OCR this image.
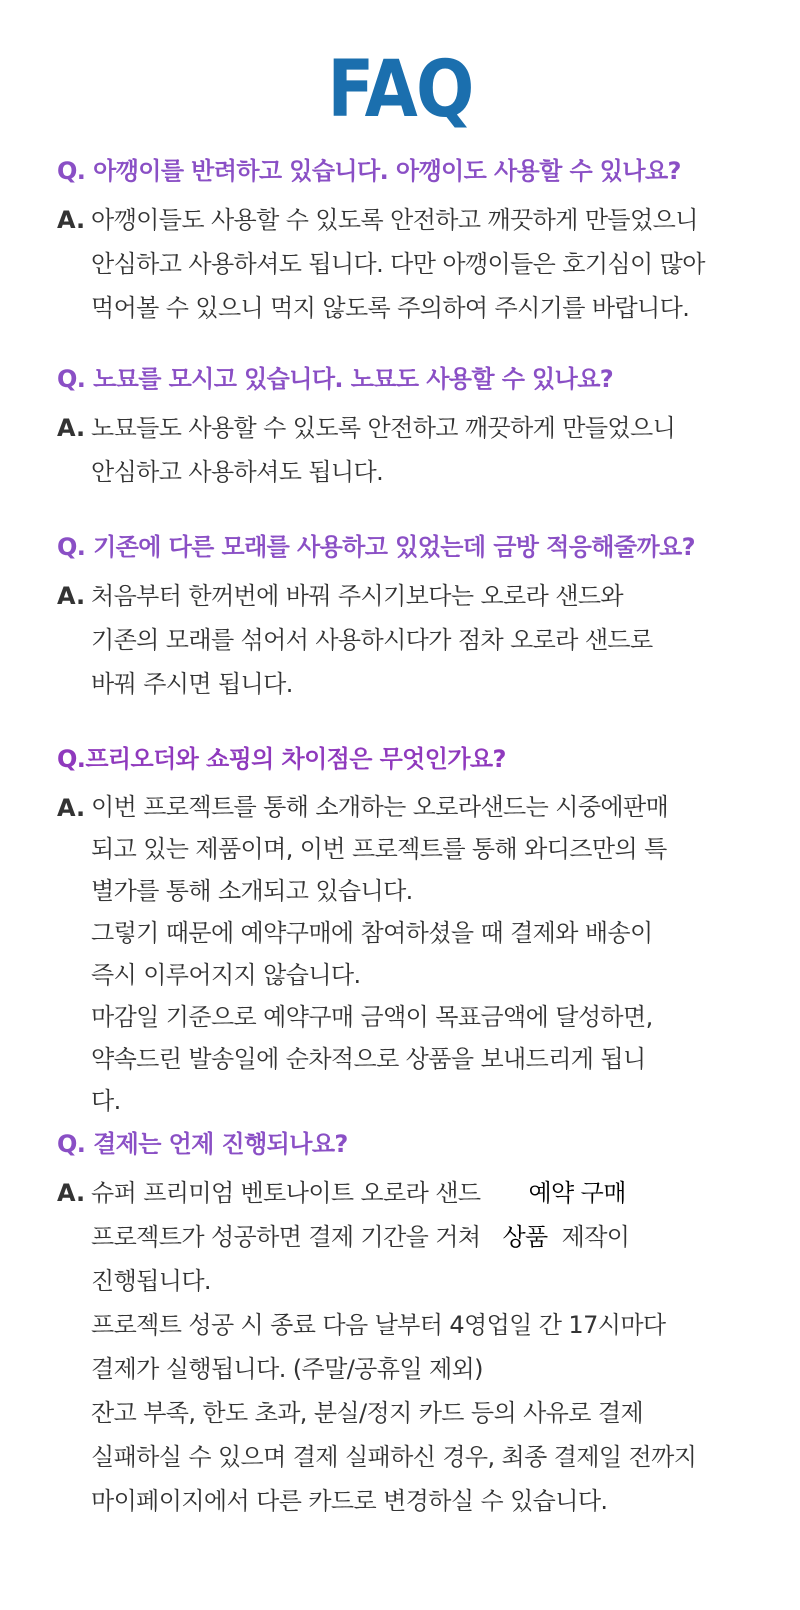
FAQ
Q. 아깽이를 반려하고 있습니다. 아깽이도 사용할 수 있나요?
A. 아깽이들도 사용할 수 있도록 안전하고 깨끗하게 만들었으니
안심하고 사용하셔도 됩니다. 다만 아깽이들은 호기심이 많아
먹어볼 수 있으니 먹지 않도록 주의하여 주시기를 바랍니다.
Q. 노묘를 모시고 있습니다. 노묘도 사용할 수 있나요?
A. 노묘들도 사용할 수 있도록 안전하고 깨끗하게 만들었으니
안심하고 사용하셔도 됩니다.
Q. 기존에 다른 모래를 사용하고 있었는데 금방 적응해줄까요?
A. 처음부터 한꺼번에 바꿔 주시기보다는 오로라 샌드와
기존의 모래를 섞어서 사용하시다가 점차 오로라 샌드로
바꿔 주시면 됩니다.
Q.프리오더와 쇼핑의 차이점은 무엇인가요?
A. 이번 프로젝트를 통해 소개하는 오로라샌드는 시중에판매
되고 있는 제품이며, 이번 프로젝트를 통해 와디즈만의 특
별가를 통해 소개되고 있습니다.
그렇기 때문에 예약구매에 참여하셨을 때 결제와 배송이
즉시 이루어지지 않습니다.
마감일 기준으로 예약구매 금액이 목표금액에 달성하면,
약속드린 발송일에 순차적으로 상품을 보내드리게 됩니
다.
Q. 결제는 언제 진행되나요?
A. 슈퍼 프리미엄 벤토나이트 오로라 샌드 예약 구매
프로젝트가 성공하면 결제 기간을 거쳐 상품 제작이
진행됩니다.
프로젝트 성공 시 종료 다음 날부터 4영업일 간 17시마다
결제가 실행됩니다. (주말/공휴일 제외)
잔고 부족, 한도 초과, 분실/정지 카드 등의 사유로 결제
실패하실 수 있으며 결제 실패하신 경우, 최종 결제일 전까지
마이페이지에서 다른 카드로 변경하실 수 있습니다.
